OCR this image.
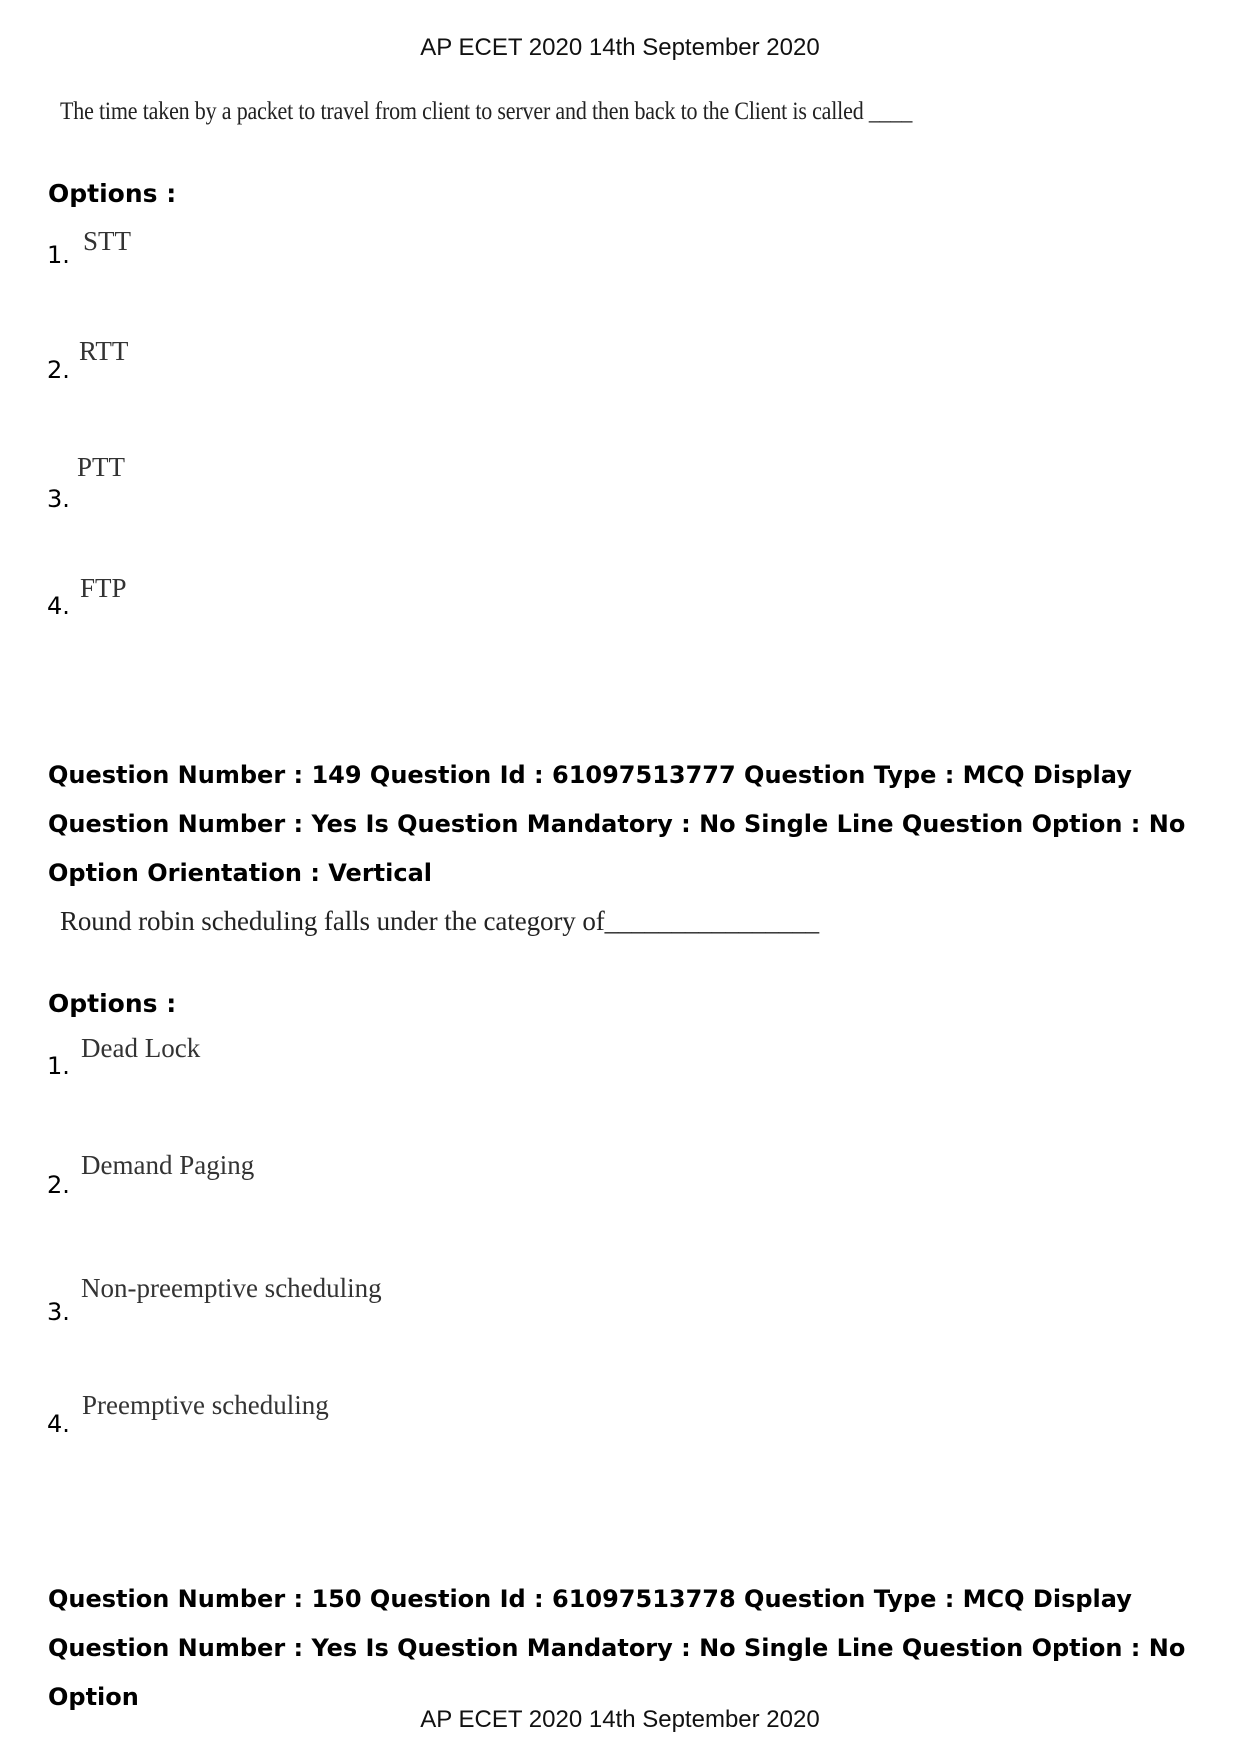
AP ECET 2020 14th September 2020
The time taken by a packet to travel from client to server and then back to the Client is called ____
Options :
1. STT
2.
RTT
3.
PTT
4.
FTP
Question Number : 149 Question Id : 61097513777 Question Type : MCQ Display Question Number : Yes Is Question Mandatory : No Single Line Question Option : No Option Orientation : Vertical
Round robin scheduling falls under the category of________________
Options :
1.
Dead Lock
2.
Demand Paging
3.
Non-preemptive scheduling
4.
Preemptive scheduling
Question Number : 150 Question Id : 61097513778 Question Type : MCQ Display Question Number : Yes Is Question Mandatory : No Single Line Question Option : No Option
AP ECET 2020 14th September 2020
